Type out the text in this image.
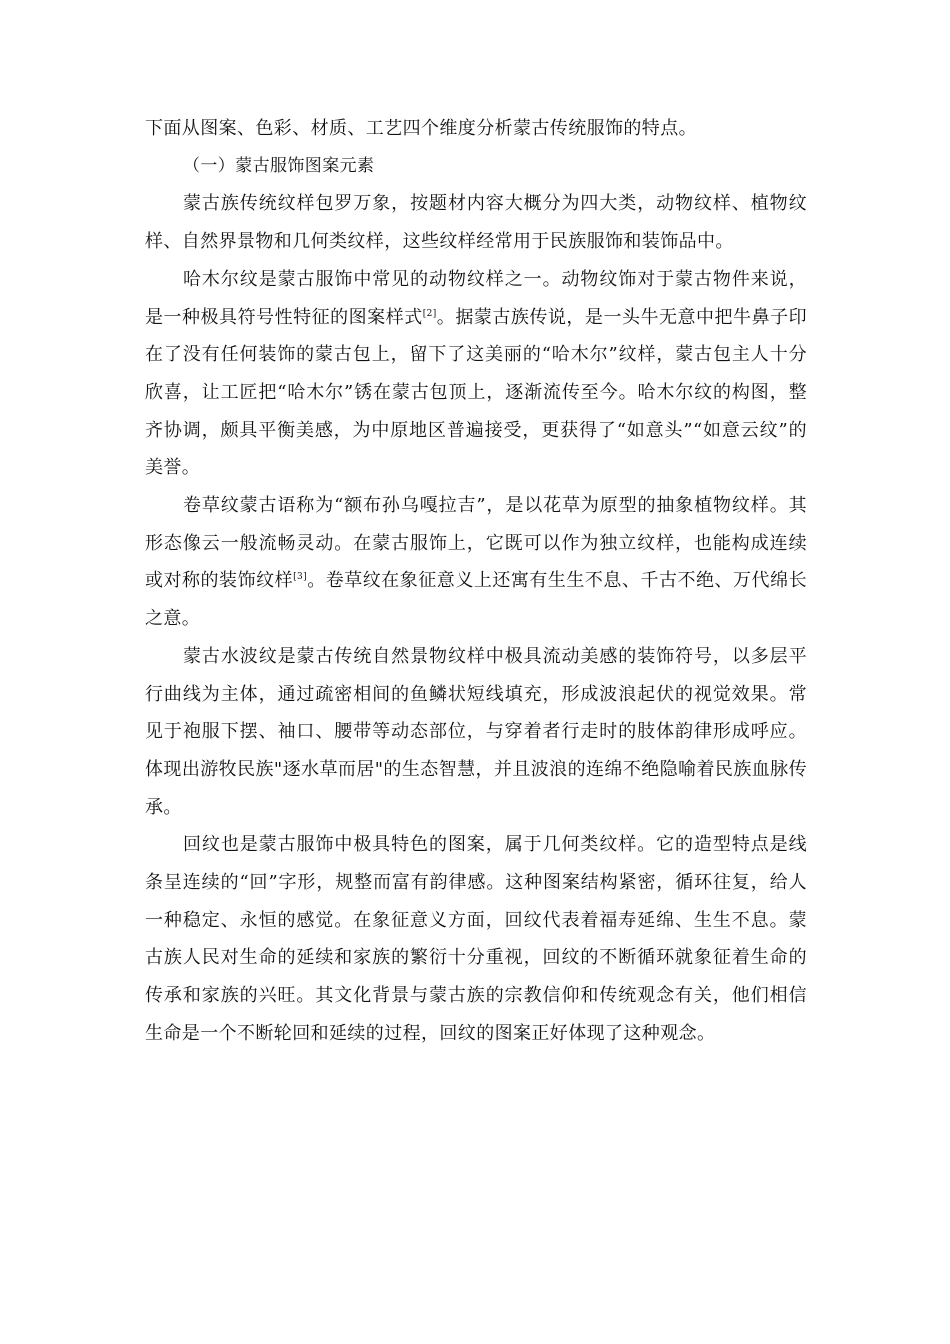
下面从图案、色彩、材质、工艺四个维度分析蒙古传统服饰的特点。

（一）蒙古服饰图案元素

蒙古族传统纹样包罗万象，按题材内容大概分为四大类，动物纹样、植物纹样、自然界景物和几何类纹样，这些纹样经常用于民族服饰和装饰品中。

哈木尔纹是蒙古服饰中常见的动物纹样之一。动物纹饰对于蒙古物件来说，是一种极具符号性特征的图案样式[2]。据蒙古族传说，是一头牛无意中把牛鼻子印在了没有任何装饰的蒙古包上，留下了这美丽的“哈木尔”纹样，蒙古包主人十分欣喜，让工匠把“哈木尔”锈在蒙古包顶上，逐渐流传至今。哈木尔纹的构图，整齐协调，颇具平衡美感，为中原地区普遍接受，更获得了“如意头”“如意云纹”的美誉。

卷草纹蒙古语称为“额布孙乌嘎拉吉”，是以花草为原型的抽象植物纹样。其形态像云一般流畅灵动。在蒙古服饰上，它既可以作为独立纹样，也能构成连续或对称的装饰纹样[3]。卷草纹在象征意义上还寓有生生不息、千古不绝、万代绵长之意。

蒙古水波纹是蒙古传统自然景物纹样中极具流动美感的装饰符号，以多层平行曲线为主体，通过疏密相间的鱼鳞状短线填充，形成波浪起伏的视觉效果。常见于袍服下摆、袖口、腰带等动态部位，与穿着者行走时的肢体韵律形成呼应。体现出游牧民族"逐水草而居"的生态智慧，并且波浪的连绵不绝隐喻着民族血脉传承。

回纹也是蒙古服饰中极具特色的图案，属于几何类纹样。它的造型特点是线条呈连续的“回”字形，规整而富有韵律感。这种图案结构紧密，循环往复，给人一种稳定、永恒的感觉。在象征意义方面，回纹代表着福寿延绵、生生不息。蒙古族人民对生命的延续和家族的繁衍十分重视，回纹的不断循环就象征着生命的传承和家族的兴旺。其文化背景与蒙古族的宗教信仰和传统观念有关，他们相信生命是一个不断轮回和延续的过程，回纹的图案正好体现了这种观念。
